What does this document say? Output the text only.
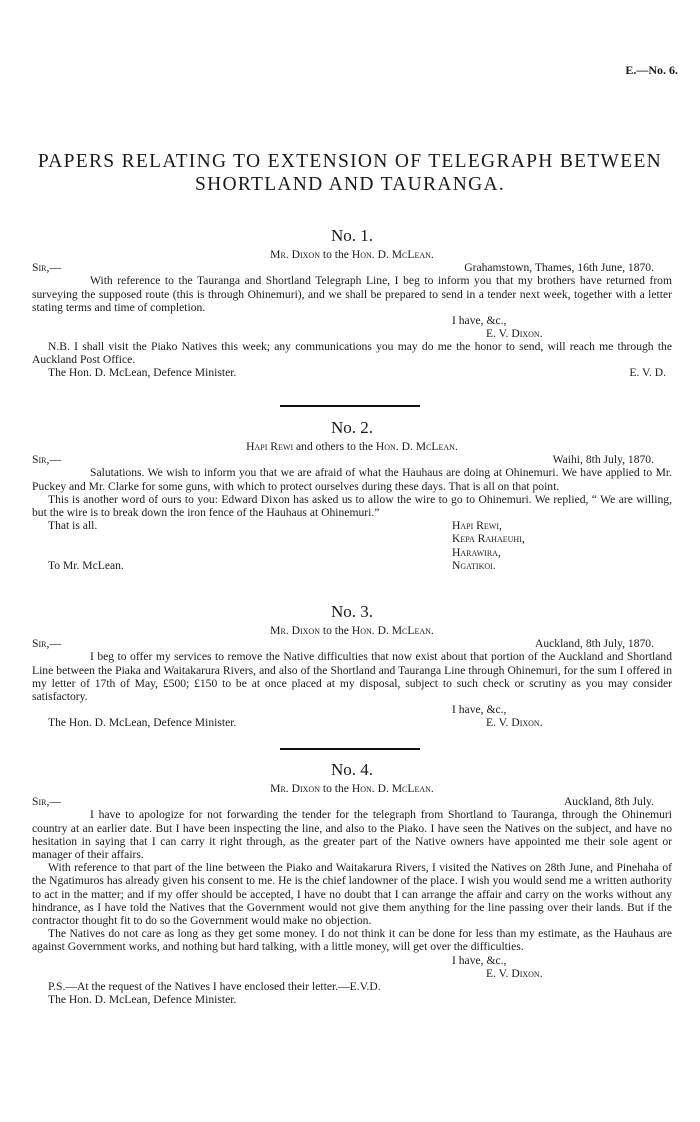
E.—No. 6.
PAPERS RELATING TO EXTENSION OF TELEGRAPH BETWEEN
SHORTLAND AND TAURANGA.
No. 1.
Mr. Dixon to the Hon. D. McLean.
Sir,—	Grahamstown, Thames, 16th June, 1870.

With reference to the Tauranga and Shortland Telegraph Line, I beg to inform you that my brothers have returned from surveying the supposed route (this is through Ohinemuri), and we shall be prepared to send in a tender next week, together with a letter stating terms and time of completion.

I have, &c.,
E. V. Dixon.

N.B. I shall visit the Piako Natives this week; any communications you may do me the honor to send, will reach me through the Auckland Post Office.

The Hon. D. McLean, Defence Minister.	E. V. D.
No. 2.
Hapi Rewi and others to the Hon. D. McLean.
Sir,—	Waihi, 8th July, 1870.

Salutations. We wish to inform you that we are afraid of what the Hauhaus are doing at Ohinemuri. We have applied to Mr. Puckey and Mr. Clarke for some guns, with which to protect ourselves during these days. That is all on that point.

This is another word of ours to you: Edward Dixon has asked us to allow the wire to go to Ohinemuri. We replied, “ We are willing, but the wire is to break down the iron fence of the Hauhaus at Ohinemuri.”

That is all.
To Mr. McLean.
Hapi Rewi,
Kepa Rahaeuhi,
Harawira,
Ngatikoi.
No. 3.
Mr. Dixon to the Hon. D. McLean.
Sir,—	Auckland, 8th July, 1870.

I beg to offer my services to remove the Native difficulties that now exist about that portion of the Auckland and Shortland Line between the Piaka and Waitakarura Rivers, and also of the Shortland and Tauranga Line through Ohinemuri, for the sum I offered in my letter of 17th of May, £500; £150 to be at once placed at my disposal, subject to such check or scrutiny as you may consider satisfactory.

I have, &c.,
E. V. Dixon.
The Hon. D. McLean, Defence Minister.
No. 4.
Mr. Dixon to the Hon. D. McLean.
Sir,—	Auckland, 8th July.

I have to apologize for not forwarding the tender for the telegraph from Shortland to Tauranga, through the Ohinemuri country at an earlier date. But I have been inspecting the line, and also to the Piako. I have seen the Natives on the subject, and have no hesitation in saying that I can carry it right through, as the greater part of the Native owners have appointed me their sole agent or manager of their affairs.

With reference to that part of the line between the Piako and Waitakarura Rivers, I visited the Natives on 28th June, and Pinehaha of the Ngatimuros has already given his consent to me. He is the chief landowner of the place. I wish you would send me a written authority to act in the matter; and if my offer should be accepted, I have no doubt that I can arrange the affair and carry on the works without any hindrance, as I have told the Natives that the Government would not give them anything for the line passing over their lands. But if the contractor thought fit to do so the Government would make no objection.

The Natives do not care as long as they get some money. I do not think it can be done for less than my estimate, as the Hauhaus are against Government works, and nothing but hard talking, with a little money, will get over the difficulties.

I have, &c.,
E. V. Dixon.
P.S.—At the request of the Natives I have enclosed their letter.—E.V.D.
The Hon. D. McLean, Defence Minister.
